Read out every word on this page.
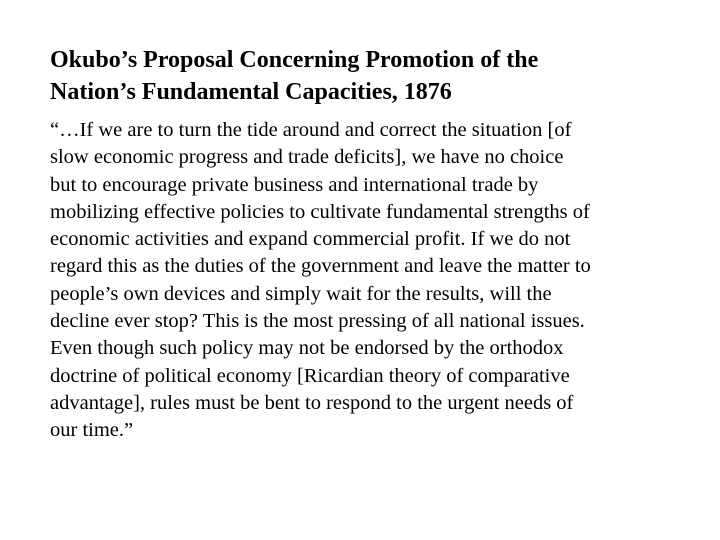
Okubo’s Proposal Concerning Promotion of the
Nation’s Fundamental Capacities, 1876

“…If we are to turn the tide around and correct the situation [of
slow economic progress and trade deficits], we have no choice
but to encourage private business and international trade by
mobilizing effective policies to cultivate fundamental strengths of
economic activities and expand commercial profit. If we do not
regard this as the duties of the government and leave the matter to
people’s own devices and simply wait for the results, will the
decline ever stop? This is the most pressing of all national issues.
Even though such policy may not be endorsed by the orthodox
doctrine of political economy [Ricardian theory of comparative
advantage], rules must be bent to respond to the urgent needs of
our time.”
